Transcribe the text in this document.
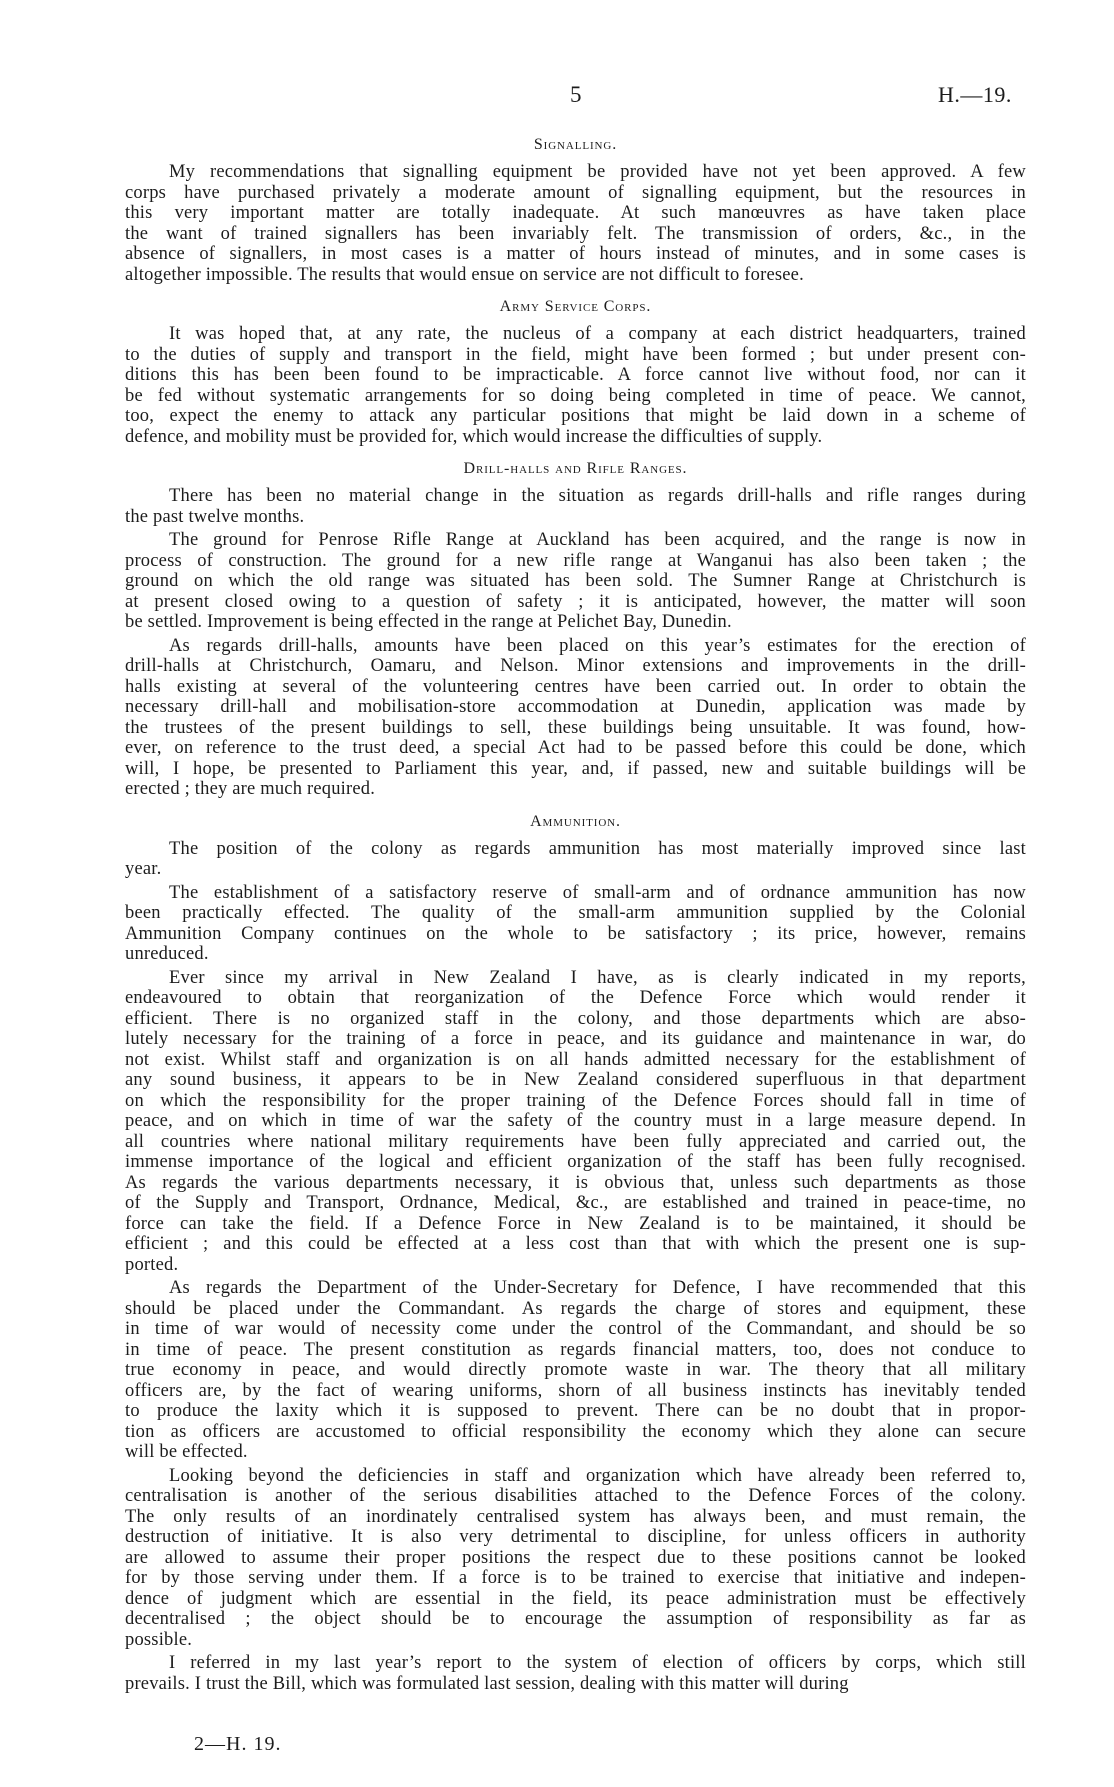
5	H.—19.
Signalling.
My recommendations that signalling equipment be provided have not yet been approved. A few
corps have purchased privately a moderate amount of signalling equipment, but the resources in
this very important matter are totally inadequate. At such manœuvres as have taken place
the want of trained signallers has been invariably felt. The transmission of orders, &c., in the
absence of signallers, in most cases is a matter of hours instead of minutes, and in some cases is
altogether impossible. The results that would ensue on service are not difficult to foresee.
Army Service Corps.
It was hoped that, at any rate, the nucleus of a company at each district headquarters, trained
to the duties of supply and transport in the field, might have been formed ; but under present con-
ditions this has been been found to be impracticable. A force cannot live without food, nor can it
be fed without systematic arrangements for so doing being completed in time of peace. We cannot,
too, expect the enemy to attack any particular positions that might be laid down in a scheme of
defence, and mobility must be provided for, which would increase the difficulties of supply.
Drill-halls and Rifle Ranges.
There has been no material change in the situation as regards drill-halls and rifle ranges during
the past twelve months.
The ground for Penrose Rifle Range at Auckland has been acquired, and the range is now in
process of construction. The ground for a new rifle range at Wanganui has also been taken ; the
ground on which the old range was situated has been sold. The Sumner Range at Christchurch is
at present closed owing to a question of safety ; it is anticipated, however, the matter will soon
be settled. Improvement is being effected in the range at Pelichet Bay, Dunedin.
As regards drill-halls, amounts have been placed on this year’s estimates for the erection of
drill-halls at Christchurch, Oamaru, and Nelson. Minor extensions and improvements in the drill-
halls existing at several of the volunteering centres have been carried out. In order to obtain the
necessary drill-hall and mobilisation-store accommodation at Dunedin, application was made by
the trustees of the present buildings to sell, these buildings being unsuitable. It was found, how-
ever, on reference to the trust deed, a special Act had to be passed before this could be done, which
will, I hope, be presented to Parliament this year, and, if passed, new and suitable buildings will be
erected ; they are much required.
Ammunition.
The position of the colony as regards ammunition has most materially improved since last
year.
The establishment of a satisfactory reserve of small-arm and of ordnance ammunition has now
been practically effected. The quality of the small-arm ammunition supplied by the Colonial
Ammunition Company continues on the whole to be satisfactory ; its price, however, remains
unreduced.
Ever since my arrival in New Zealand I have, as is clearly indicated in my reports,
endeavoured to obtain that reorganization of the Defence Force which would render it
efficient. There is no organized staff in the colony, and those departments which are abso-
lutely necessary for the training of a force in peace, and its guidance and maintenance in war, do
not exist. Whilst staff and organization is on all hands admitted necessary for the establishment of
any sound business, it appears to be in New Zealand considered superfluous in that department
on which the responsibility for the proper training of the Defence Forces should fall in time of
peace, and on which in time of war the safety of the country must in a large measure depend. In
all countries where national military requirements have been fully appreciated and carried out, the
immense importance of the logical and efficient organization of the staff has been fully recognised.
As regards the various departments necessary, it is obvious that, unless such departments as those
of the Supply and Transport, Ordnance, Medical, &c., are established and trained in peace-time, no
force can take the field. If a Defence Force in New Zealand is to be maintained, it should be
efficient ; and this could be effected at a less cost than that with which the present one is sup-
ported.
As regards the Department of the Under-Secretary for Defence, I have recommended that this
should be placed under the Commandant. As regards the charge of stores and equipment, these
in time of war would of necessity come under the control of the Commandant, and should be so
in time of peace. The present constitution as regards financial matters, too, does not conduce to
true economy in peace, and would directly promote waste in war. The theory that all military
officers are, by the fact of wearing uniforms, shorn of all business instincts has inevitably tended
to produce the laxity which it is supposed to prevent. There can be no doubt that in propor-
tion as officers are accustomed to official responsibility the economy which they alone can secure
will be effected.
Looking beyond the deficiencies in staff and organization which have already been referred to,
centralisation is another of the serious disabilities attached to the Defence Forces of the colony.
The only results of an inordinately centralised system has always been, and must remain, the
destruction of initiative. It is also very detrimental to discipline, for unless officers in authority
are allowed to assume their proper positions the respect due to these positions cannot be looked
for by those serving under them. If a force is to be trained to exercise that initiative and indepen-
dence of judgment which are essential in the field, its peace administration must be effectively
decentralised ; the object should be to encourage the assumption of responsibility as far as
possible.
I referred in my last year’s report to the system of election of officers by corps, which still
prevails. I trust the Bill, which was formulated last session, dealing with this matter will during
2—H. 19.
